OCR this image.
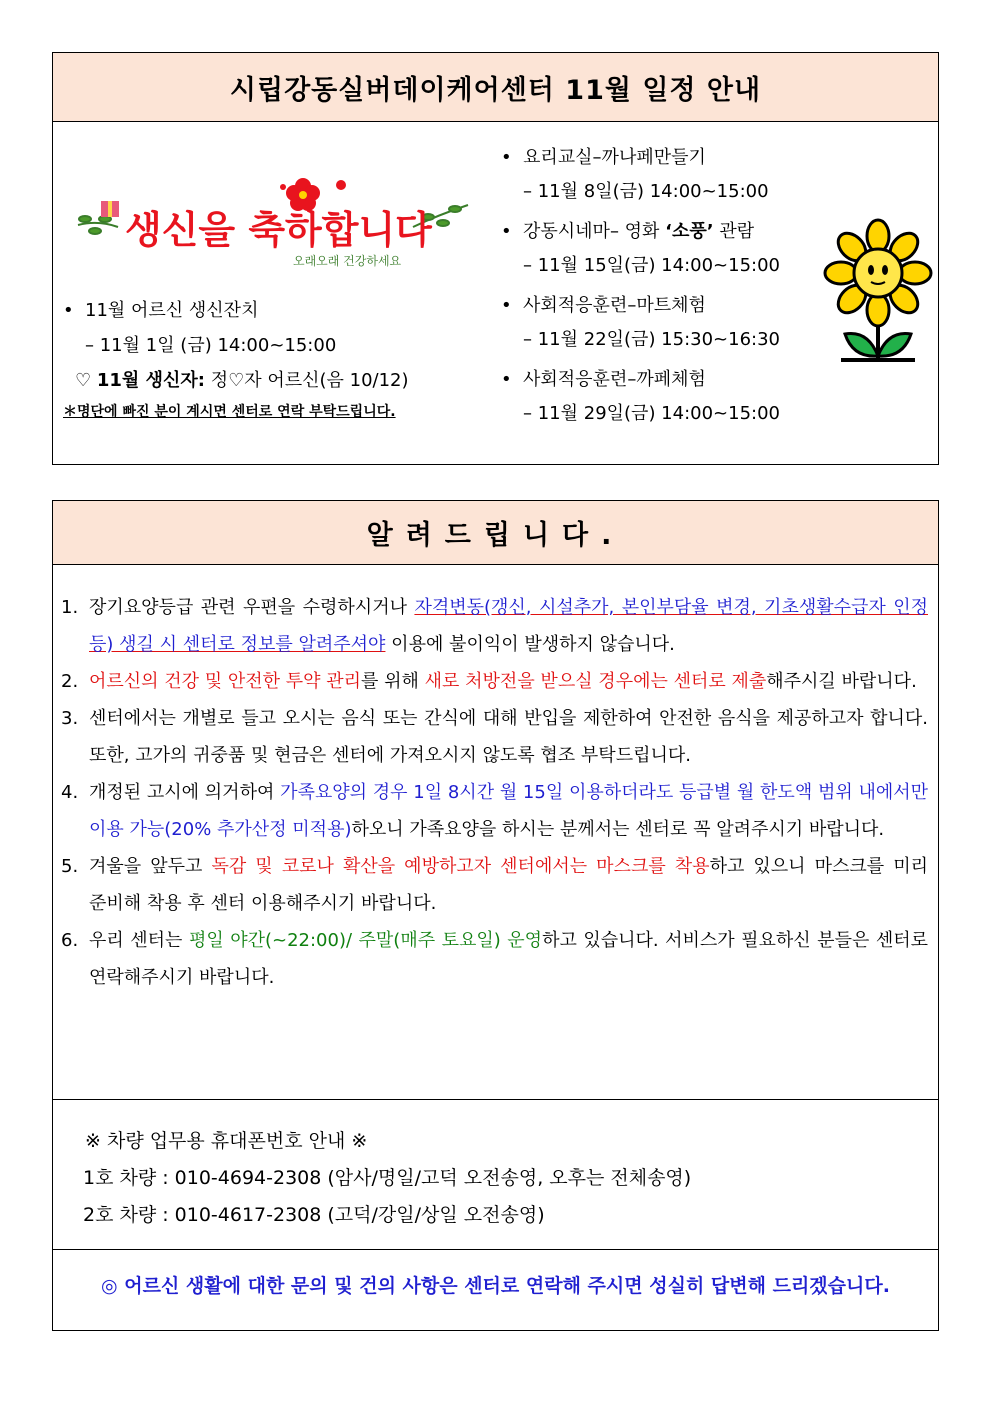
시립강동실버데이케어센터 11월 일정 안내
생신을 축하합니다
오래오래 건강하세요
• 11월 어르신 생신잔치
– 11월 1일 (금) 14:00~15:00
♡ 11월 생신자: 정♡자 어르신(음 10/12)
＊명단에 빠진 분이 계시면 센터로 연락 부탁드립니다.
• 요리교실–까나페만들기
– 11월 8일(금) 14:00~15:00
• 강동시네마– 영화 ‘소풍’ 관람
– 11월 15일(금) 14:00~15:00
• 사회적응훈련–마트체험
– 11월 22일(금) 15:30~16:30
• 사회적응훈련–까페체험
– 11월 29일(금) 14:00~15:00
알려드립니다.
1. 장기요양등급 관련 우편을 수령하시거나 자격변동(갱신, 시설추가, 본인부담율 변경, 기초생활수급자 인정 등) 생길 시 센터로 정보를 알려주셔야 이용에 불이익이 발생하지 않습니다.
2. 어르신의 건강 및 안전한 투약 관리를 위해 새로 처방전을 받으실 경우에는 센터로 제출해주시길 바랍니다.
3. 센터에서는 개별로 들고 오시는 음식 또는 간식에 대해 반입을 제한하여 안전한 음식을 제공하고자 합니다. 또한, 고가의 귀중품 및 현금은 센터에 가져오시지 않도록 협조 부탁드립니다.
4. 개정된 고시에 의거하여 가족요양의 경우 1일 8시간 월 15일 이용하더라도 등급별 월 한도액 범위 내에서만 이용 가능(20% 추가산정 미적용)하오니 가족요양을 하시는 분께서는 센터로 꼭 알려주시기 바랍니다.
5. 겨울을 앞두고 독감 및 코로나 확산을 예방하고자 센터에서는 마스크를 착용하고 있으니 마스크를 미리 준비해 착용 후 센터 이용해주시기 바랍니다.
6. 우리 센터는 평일 야간(~22:00)/ 주말(매주 토요일) 운영하고 있습니다. 서비스가 필요하신 분들은 센터로 연락해주시기 바랍니다.
※ 차량 업무용 휴대폰번호 안내 ※
1호 차량 : 010-4694-2308 (암사/명일/고덕 오전송영, 오후는 전체송영)
2호 차량 : 010-4617-2308 (고덕/강일/상일 오전송영)
◎ 어르신 생활에 대한 문의 및 건의 사항은 센터로 연락해 주시면 성실히 답변해 드리겠습니다.
